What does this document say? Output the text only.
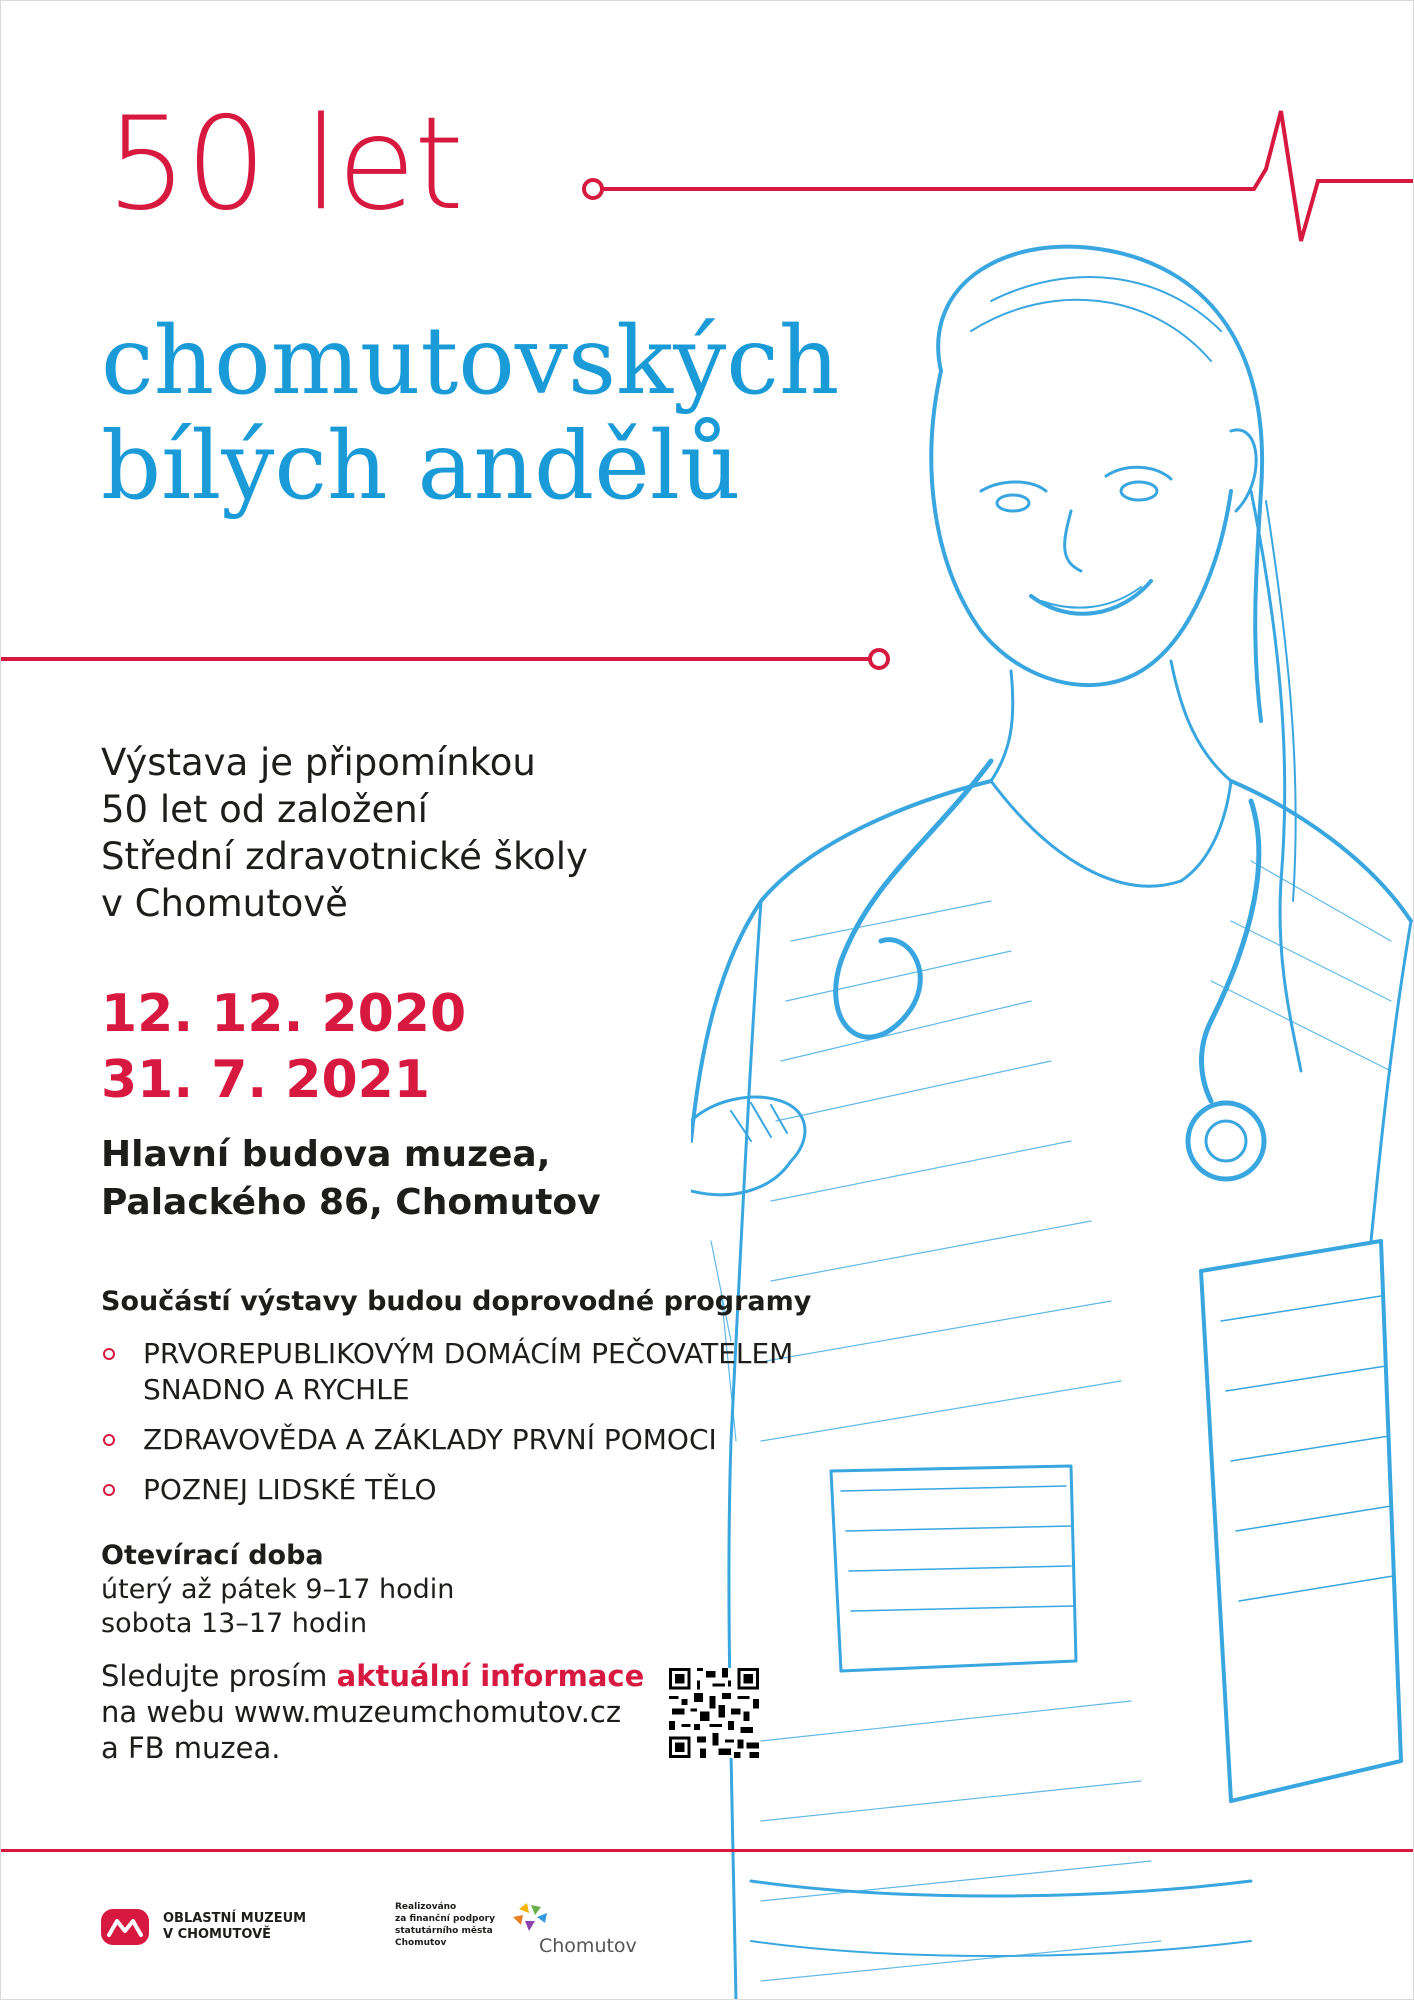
50 let
chomutovských
bílých andělů
Výstava je připomínkou
50 let od založení
Střední zdravotnické školy
v Chomutově
12. 12. 2020
31. 7. 2021
Hlavní budova muzea,
Palackého 86, Chomutov
Součástí výstavy budou doprovodné programy
PRVOREPUBLIKOVÝM DOMÁCÍM PEČOVATELEM
SNADNO A RYCHLE
ZDRAVOVĚDA A ZÁKLADY PRVNÍ POMOCI
POZNEJ LIDSKÉ TĚLO
Otevírací doba
úterý až pátek 9–17 hodin
sobota 13–17 hodin
Sledujte prosím aktuální informace
na webu www.muzeumchomutov.cz
a FB muzea.
OBLASTNÍ MUZEUM
V CHOMUTOVĚ
Realizováno
za finanční podpory
statutárního města
Chomutov	Chomutov
